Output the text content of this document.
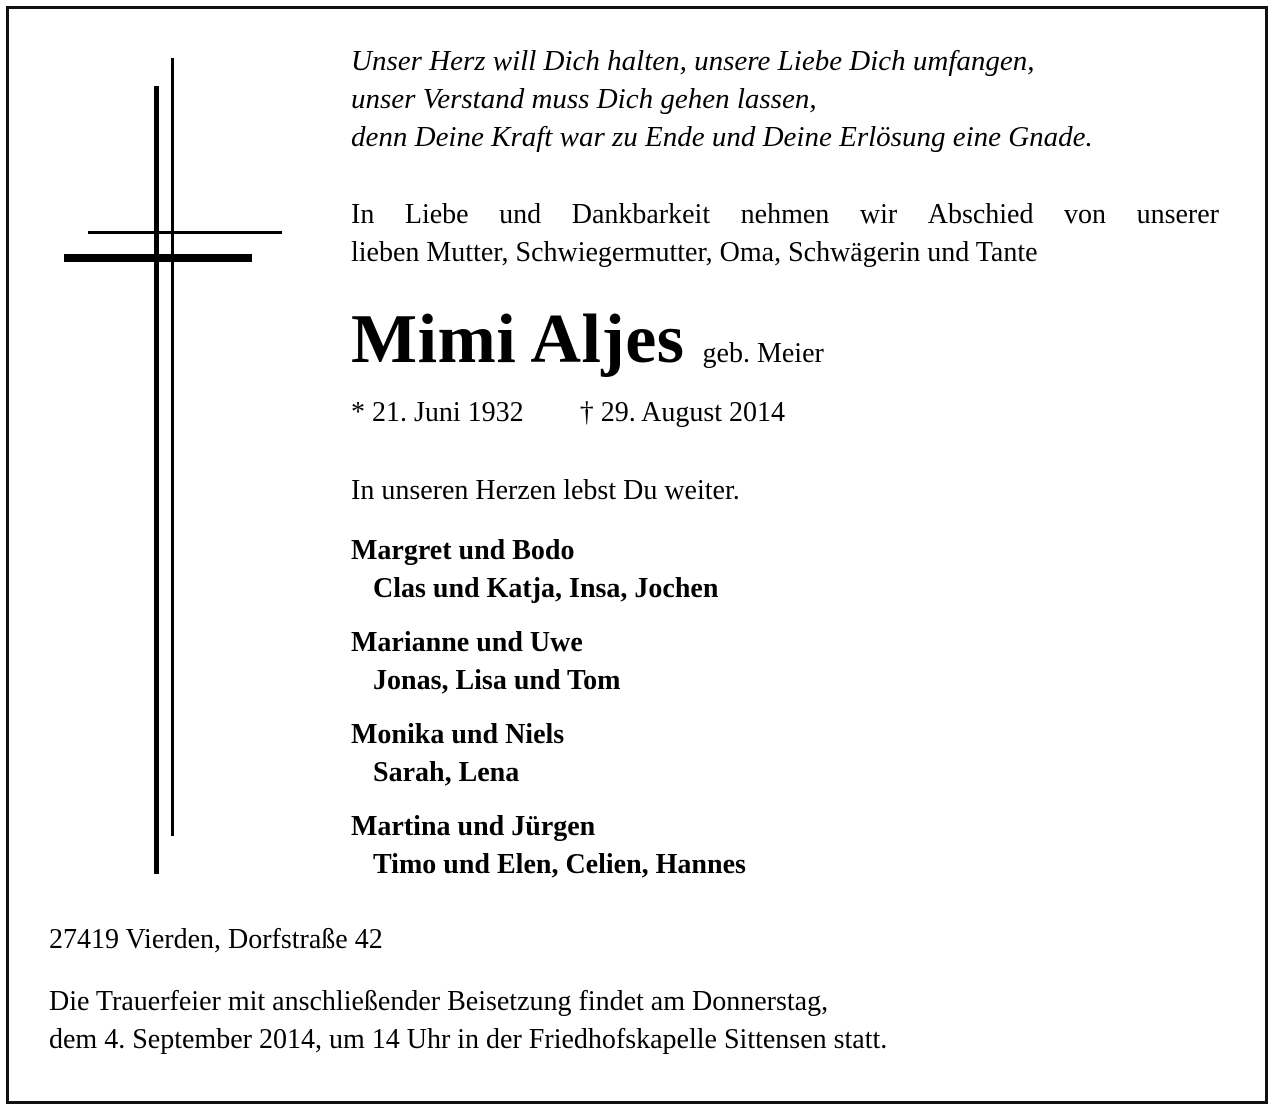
Unser Herz will Dich halten, unsere Liebe Dich umfangen,
unser Verstand muss Dich gehen lassen,
denn Deine Kraft war zu Ende und Deine Erlösung eine Gnade.
In Liebe und Dankbarkeit nehmen wir Abschied von unserer
lieben Mutter, Schwiegermutter, Oma, Schwägerin und Tante
Mimi Aljes geb. Meier
* 21. Juni 1932 † 29. August 2014
In unseren Herzen lebst Du weiter.
Margret und Bodo
Clas und Katja, Insa, Jochen
Marianne und Uwe
Jonas, Lisa und Tom
Monika und Niels
Sarah, Lena
Martina und Jürgen
Timo und Elen, Celien, Hannes
27419 Vierden, Dorfstraße 42
Die Trauerfeier mit anschließender Beisetzung findet am Donnerstag,
dem 4. September 2014, um 14 Uhr in der Friedhofskapelle Sittensen statt.
